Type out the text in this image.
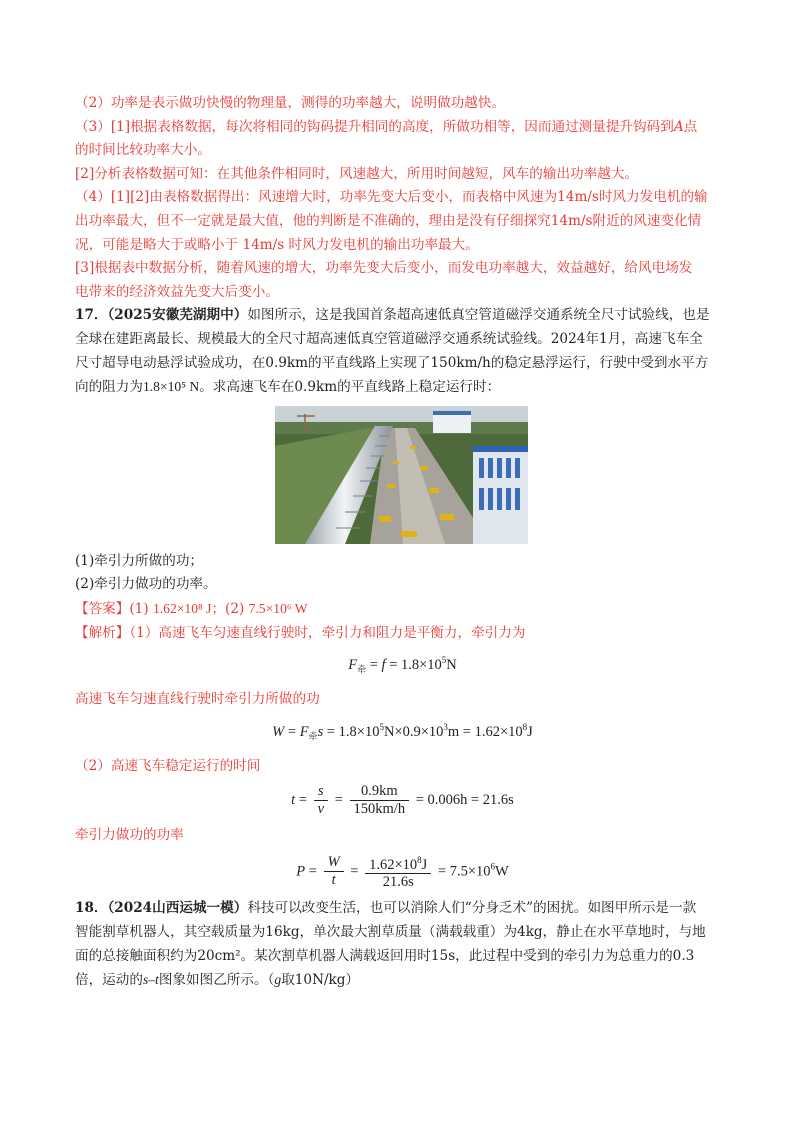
（2）功率是表示做功快慢的物理量，测得的功率越大，说明做功越快。

（3）[1]根据表格数据，每次将相同的钩码提升相同的高度，所做功相等，因而通过测量提升钩码到A点

的时间比较功率大小。

[2]分析表格数据可知：在其他条件相同时，风速越大，所用时间越短，风车的输出功率越大。

（4）[1][2]由表格数据得出：风速增大时，功率先变大后变小，而表格中风速为14m/s时风力发电机的输

出功率最大，但不一定就是最大值，他的判断是不准确的，理由是没有仔细探究14m/s附近的风速变化情

况，可能是略大于或略小于 14m/s 时风力发电机的输出功率最大。

[3]根据表中数据分析，随着风速的增大，功率先变大后变小，而发电功率越大，效益越好，给风电场发

电带来的经济效益先变大后变小。

17．（2025安徽芜湖期中）如图所示，这是我国首条超高速低真空管道磁浮交通系统全尺寸试验线，也是

全球在建距离最长、规模最大的全尺寸超高速低真空管道磁浮交通系统试验线。2024年1月，高速飞车全

尺寸超导电动悬浮试验成功，在0.9km的平直线路上实现了150km/h的稳定悬浮运行，行驶中受到水平方

向的阻力为1.8×10⁵ N。求高速飞车在0.9km的平直线路上稳定运行时：

(1)牵引力所做的功；

(2)牵引力做功的功率。

【答案】(1) 1.62×10⁸ J；(2) 7.5×10⁶ W

【解析】（1）高速飞车匀速直线行驶时，牵引力和阻力是平衡力，牵引力为

$F_牵 = f = 1.8\times 10^5N$

高速飞车匀速直线行驶时牵引力所做的功

$W = F_牵s = 1.8\times 10^5N\times 0.9\times 10^3m = 1.62\times 10^8J$

（2）高速飞车稳定运行的时间

$t = \frac{s}{v} = \frac{0.9km}{150km/h} = 0.006h = 21.6s$

牵引力做功的功率

$P = \frac{W}{t} = \frac{1.62\times 10^8J}{21.6s} = 7.5\times 10^6W$

18．（2024山西运城一模）科技可以改变生活，也可以消除人们“分身乏术”的困扰。如图甲所示是一款

智能割草机器人，其空载质量为16kg，单次最大割草质量（满载载重）为4kg，静止在水平草地时，与地

面的总接触面积约为20cm²。某次割草机器人满载返回用时15s，此过程中受到的牵引力为总重力的0.3

倍，运动的s–t图象如图乙所示。（g取10N/kg）
